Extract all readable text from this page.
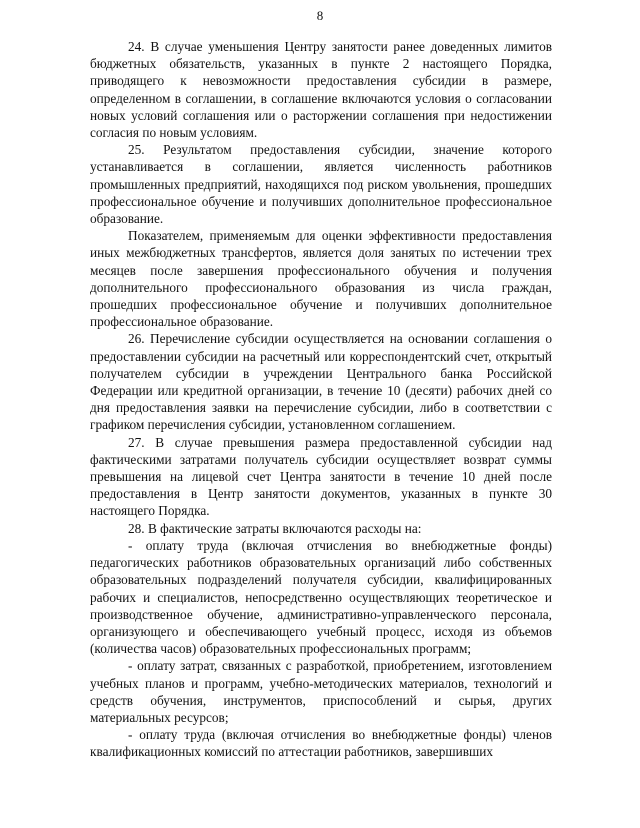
8

24. В случае уменьшения Центру занятости ранее доведенных лимитов бюджетных обязательств, указанных в пункте 2 настоящего Порядка, приводящего к невозможности предоставления субсидии в размере, определенном в соглашении, в соглашение включаются условия о согласовании новых условий соглашения или о расторжении соглашения при недостижении согласия по новым условиям.

25. Результатом предоставления субсидии, значение которого устанавливается в соглашении, является численность работников промышленных предприятий, находящихся под риском увольнения, прошедших профессиональное обучение и получивших дополнительное профессиональное образование.

Показателем, применяемым для оценки эффективности предоставления иных межбюджетных трансфертов, является доля занятых по истечении трех месяцев после завершения профессионального обучения и получения дополнительного профессионального образования из числа граждан, прошедших профессиональное обучение и получивших дополнительное профессиональное образование.

26. Перечисление субсидии осуществляется на основании соглашения о предоставлении субсидии на расчетный или корреспондентский счет, открытый получателем субсидии в учреждении Центрального банка Российской Федерации или кредитной организации, в течение 10 (десяти) рабочих дней со дня предоставления заявки на перечисление субсидии, либо в соответствии с графиком перечисления субсидии, установленном соглашением.

27. В случае превышения размера предоставленной субсидии над фактическими затратами получатель субсидии осуществляет возврат суммы превышения на лицевой счет Центра занятости в течение 10 дней после предоставления в Центр занятости документов, указанных в пункте 30 настоящего Порядка.

28. В фактические затраты включаются расходы на:

- оплату труда (включая отчисления во внебюджетные фонды) педагогических работников образовательных организаций либо собственных образовательных подразделений получателя субсидии, квалифицированных рабочих и специалистов, непосредственно осуществляющих теоретическое и производственное обучение, административно-управленческого персонала, организующего и обеспечивающего учебный процесс, исходя из объемов (количества часов) образовательных профессиональных программ;

- оплату затрат, связанных с разработкой, приобретением, изготовлением учебных планов и программ, учебно-методических материалов, технологий и средств обучения, инструментов, приспособлений и сырья, других материальных ресурсов;

- оплату труда (включая отчисления во внебюджетные фонды) членов квалификационных комиссий по аттестации работников, завершивших
